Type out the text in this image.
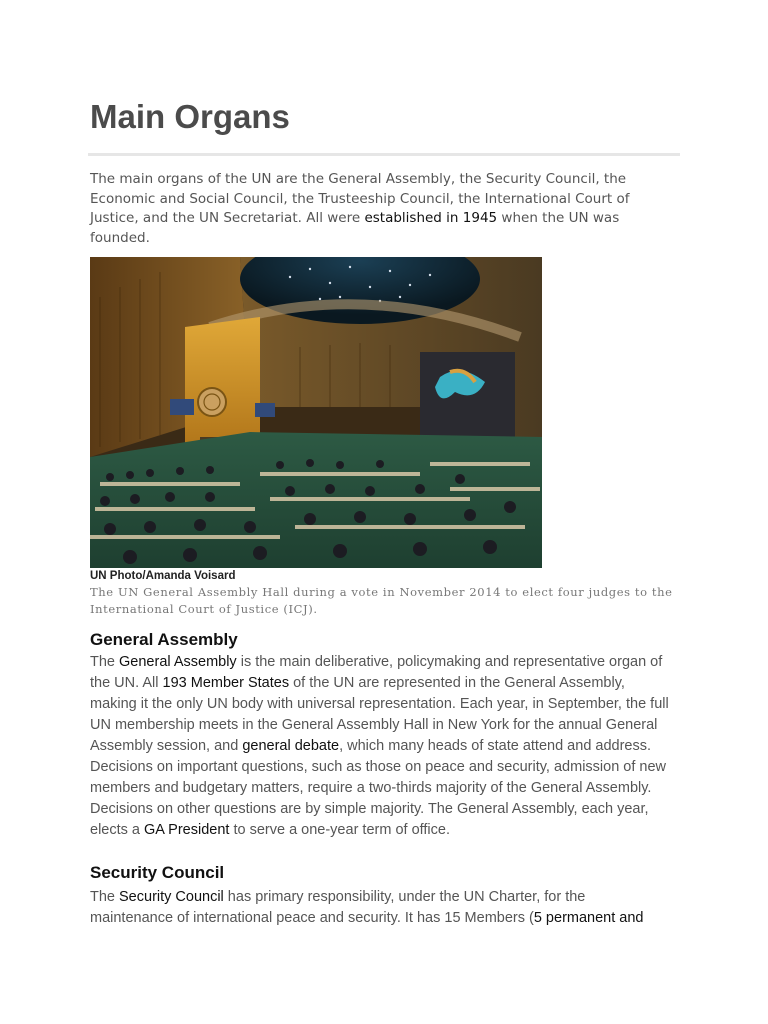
Main Organs

The main organs of the UN are the General Assembly, the Security Council, the Economic and Social Council, the Trusteeship Council, the International Court of Justice, and the UN Secretariat. All were established in 1945 when the UN was founded.

UN Photo/Amanda Voisard

The UN General Assembly Hall during a vote in November 2014 to elect four judges to the International Court of Justice (ICJ).

General Assembly

The General Assembly is the main deliberative, policymaking and representative organ of the UN. All 193 Member States of the UN are represented in the General Assembly, making it the only UN body with universal representation. Each year, in September, the full UN membership meets in the General Assembly Hall in New York for the annual General Assembly session, and general debate, which many heads of state attend and address. Decisions on important questions, such as those on peace and security, admission of new members and budgetary matters, require a two-thirds majority of the General Assembly. Decisions on other questions are by simple majority. The General Assembly, each year, elects a GA President to serve a one-year term of office.

Security Council

The Security Council has primary responsibility, under the UN Charter, for the maintenance of international peace and security. It has 15 Members (5 permanent and
